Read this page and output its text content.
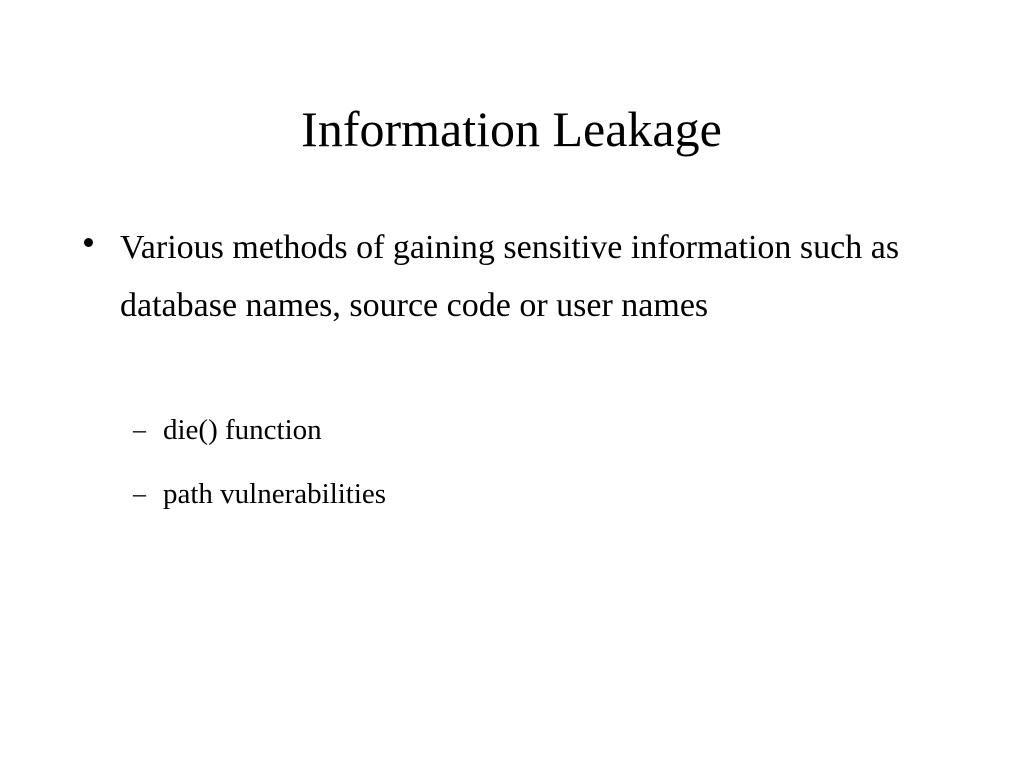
Information Leakage
Various methods of gaining sensitive information such as database names, source code or user names
– die() function
– path vulnerabilities
